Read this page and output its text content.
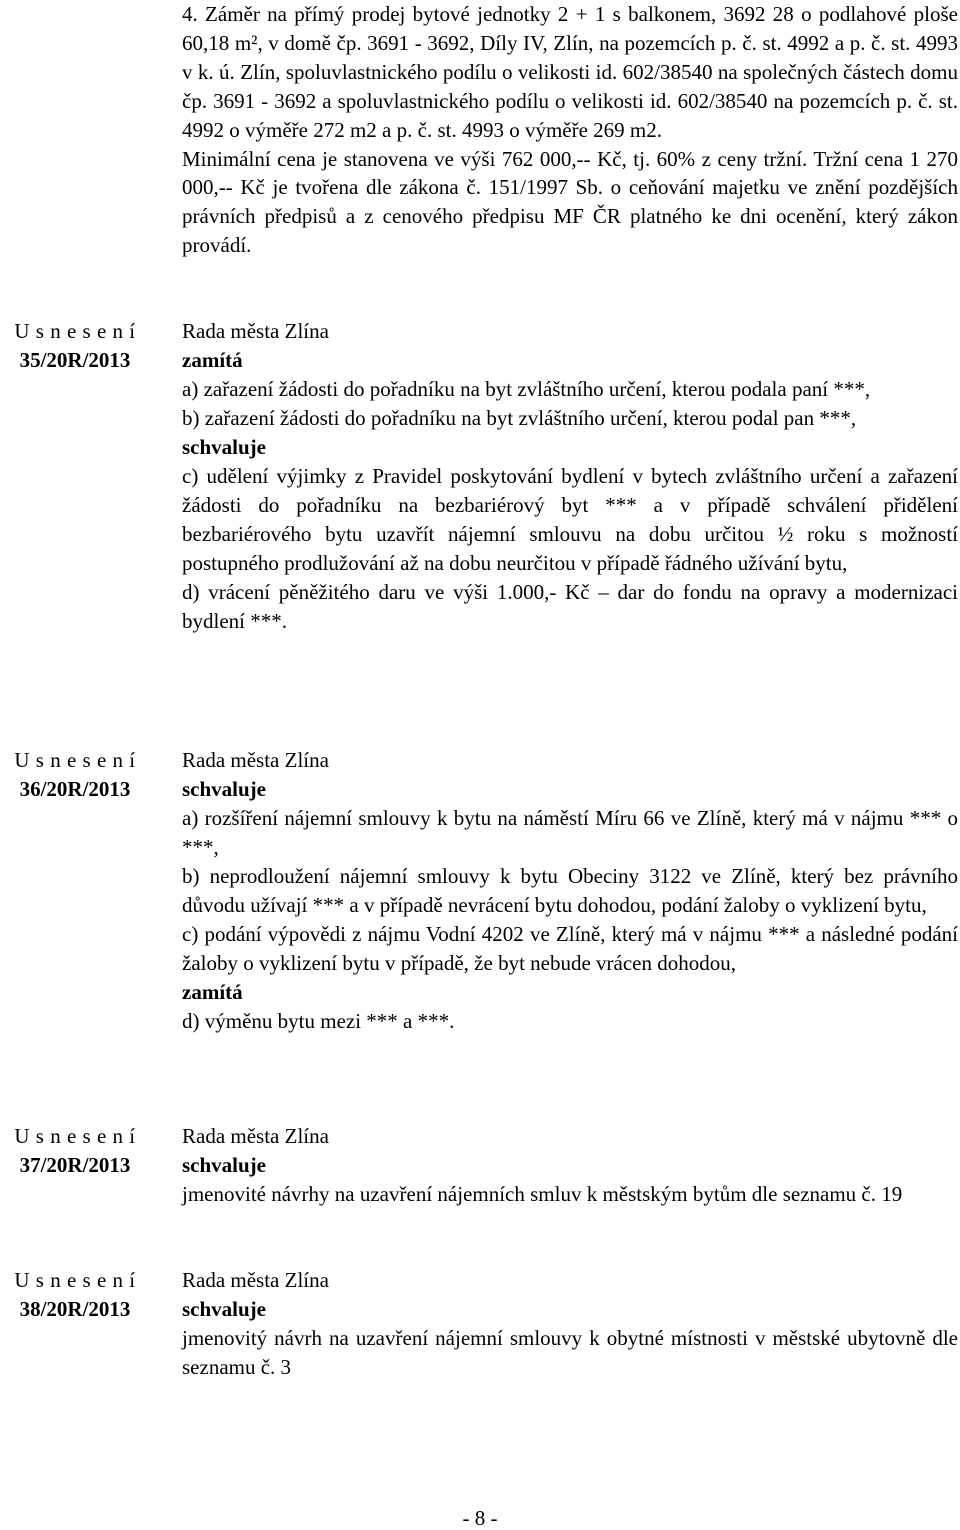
4. Záměr na přímý prodej bytové jednotky 2 + 1 s balkonem, 3692 28 o podlahové ploše 60,18 m², v domě čp. 3691 - 3692, Díly IV, Zlín, na pozemcích p. č. st. 4992 a p. č. st. 4993 v k. ú. Zlín, spoluvlastnického podílu o velikosti id. 602/38540 na společných částech domu čp. 3691 - 3692 a spoluvlastnického podílu o velikosti id. 602/38540 na pozemcích p. č. st. 4992 o výměře 272 m2 a p. č. st. 4993 o výměře 269 m2.

Minimální cena je stanovena ve výši 762 000,-- Kč, tj. 60% z ceny tržní. Tržní cena 1 270 000,-- Kč je tvořena dle zákona č. 151/1997 Sb. o ceňování majetku ve znění pozdějších právních předpisů a z cenového předpisu MF ČR platného ke dni ocenění, který zákon provádí.

U s n e s e n í
35/20R/2013
Rada města Zlína
zamítá

a) zařazení žádosti do pořadníku na byt zvláštního určení, kterou podala paní ***,

b) zařazení žádosti do pořadníku na byt zvláštního určení, kterou podal pan ***,

schvaluje

c) udělení výjimky z Pravidel poskytování bydlení v bytech zvláštního určení a zařazení žádosti do pořadníku na bezbariérový byt *** a v případě schválení přidělení bezbariérového bytu uzavřít nájemní smlouvu na dobu určitou ½ roku s možností postupného prodlužování až na dobu neurčitou v případě řádného užívání bytu,

d) vrácení pěněžitého daru ve výši 1.000,- Kč – dar do fondu na opravy a modernizaci bydlení ***.

U s n e s e n í
36/20R/2013
Rada města Zlína
schvaluje

a) rozšíření nájemní smlouvy k bytu na náměstí Míru 66 ve Zlíně, který má v nájmu *** o ***,

b) neprodloužení nájemní smlouvy k bytu Obeciny 3122 ve Zlíně, který bez právního důvodu užívají *** a v případě nevrácení bytu dohodou, podání žaloby o vyklizení bytu,

c) podání výpovědi z nájmu Vodní 4202 ve Zlíně, který má v nájmu *** a následné podání žaloby o vyklizení bytu v případě, že byt nebude vrácen dohodou,

zamítá

d) výměnu bytu mezi *** a ***.

U s n e s e n í
37/20R/2013
Rada města Zlína
schvaluje

jmenovité návrhy na uzavření nájemních smluv k městským bytům dle seznamu č. 19

U s n e s e n í
38/20R/2013
Rada města Zlína
schvaluje

jmenovitý návrh na uzavření nájemní smlouvy k obytné místnosti v městské ubytovně dle seznamu č. 3

- 8 -
